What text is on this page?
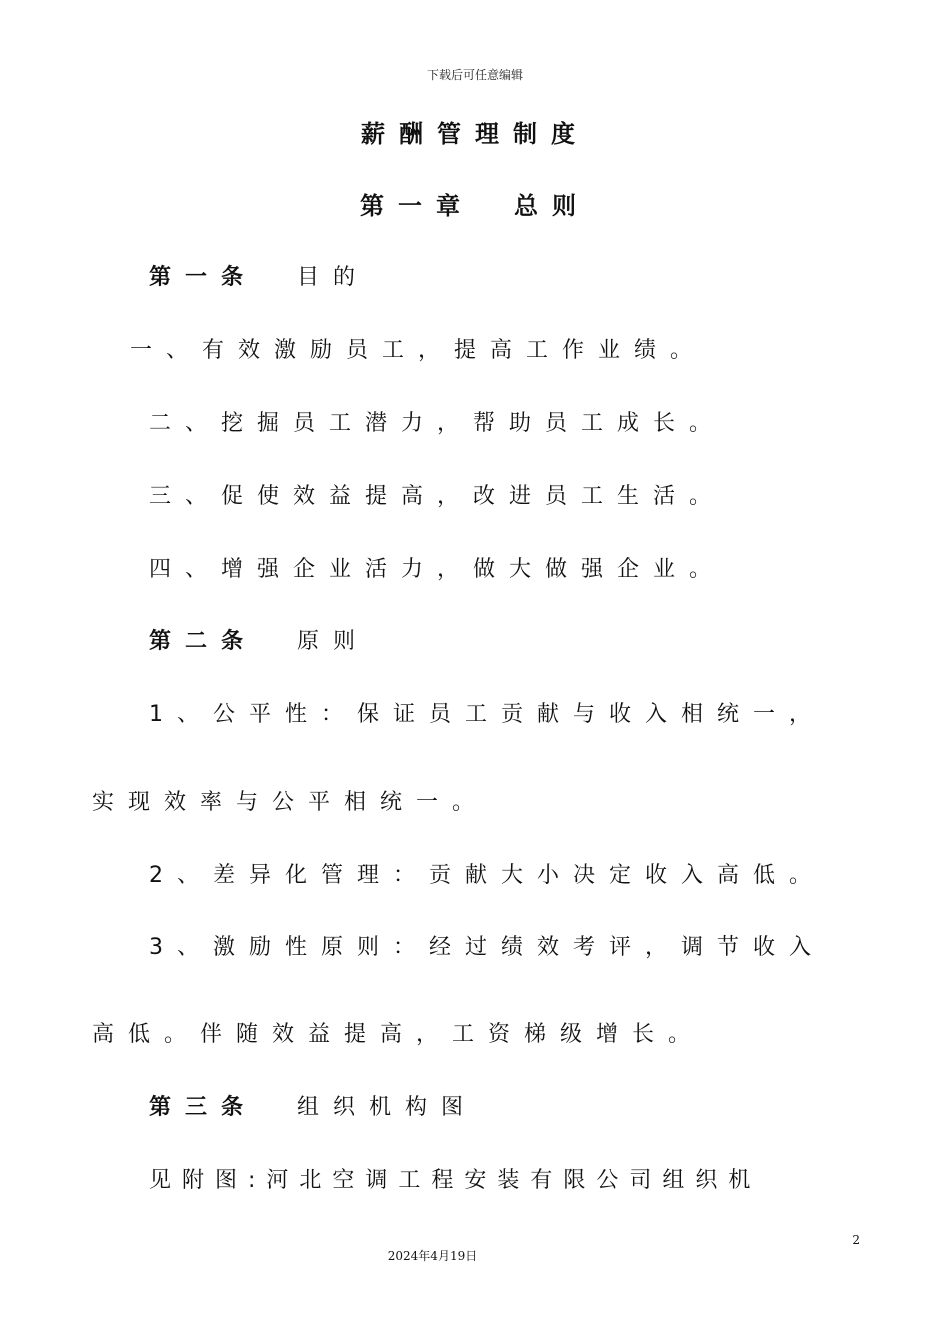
下载后可任意编辑
薪酬管理制度
第一章 总则
第一条 目的
一、有效激励员工，提高工作业绩。
二、挖掘员工潜力，帮助员工成长。
三、促使效益提高，改进员工生活。
四、增强企业活力，做大做强企业。
第二条 原则
1、公平性：保证员工贡献与收入相统一，
实现效率与公平相统一。
2、差异化管理：贡献大小决定收入高低。
3、激励性原则：经过绩效考评，调节收入
高低。伴随效益提高，工资梯级增长。
第三条 组织机构图
见附图:河北空调工程安装有限公司组织机
2
2024年4月19日
